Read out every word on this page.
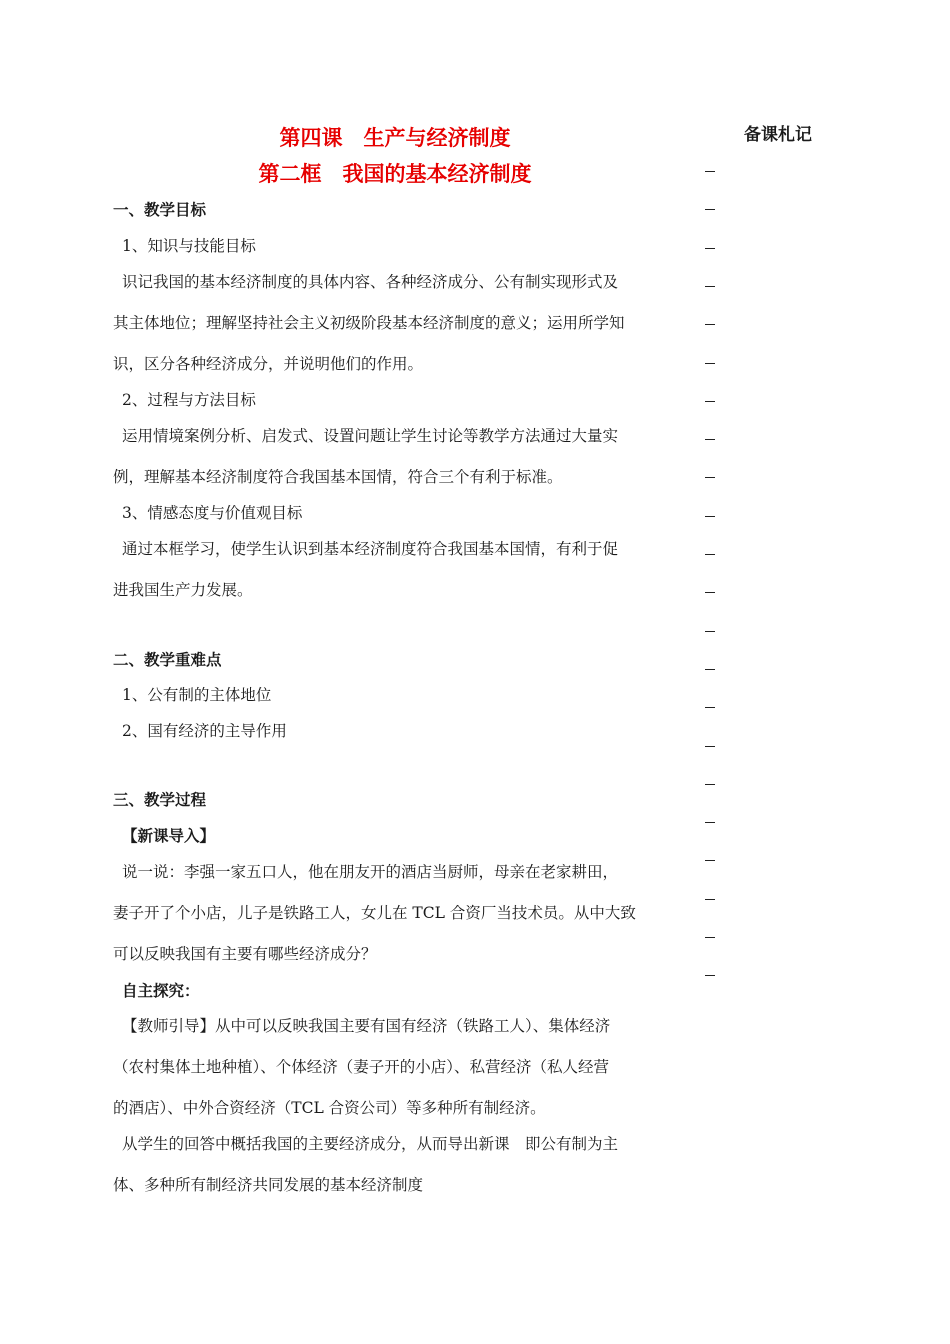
第四课　生产与经济制度
第二框　我国的基本经济制度
备课札记
一、教学目标
1、知识与技能目标
识记我国的基本经济制度的具体内容、各种经济成分、公有制实现形式及
其主体地位；理解坚持社会主义初级阶段基本经济制度的意义；运用所学知
识，区分各种经济成分，并说明他们的作用。
2、过程与方法目标
运用情境案例分析、启发式、设置问题让学生讨论等教学方法通过大量实
例，理解基本经济制度符合我国基本国情，符合三个有利于标准。
3、情感态度与价值观目标
通过本框学习，使学生认识到基本经济制度符合我国基本国情，有利于促
进我国生产力发展。
二、教学重难点
1、公有制的主体地位
2、国有经济的主导作用
三、教学过程
【新课导入】
说一说：李强一家五口人，他在朋友开的酒店当厨师，母亲在老家耕田，
妻子开了个小店，儿子是铁路工人，女儿在 TCL 合资厂当技术员。从中大致
可以反映我国有主要有哪些经济成分？
自主探究：
【教师引导】从中可以反映我国主要有国有经济（铁路工人）、集体经济
（农村集体土地种植）、个体经济（妻子开的小店）、私营经济（私人经营
的酒店）、中外合资经济（TCL 合资公司）等多种所有制经济。
从学生的回答中概括我国的主要经济成分，从而导出新课　即公有制为主
体、多种所有制经济共同发展的基本经济制度
